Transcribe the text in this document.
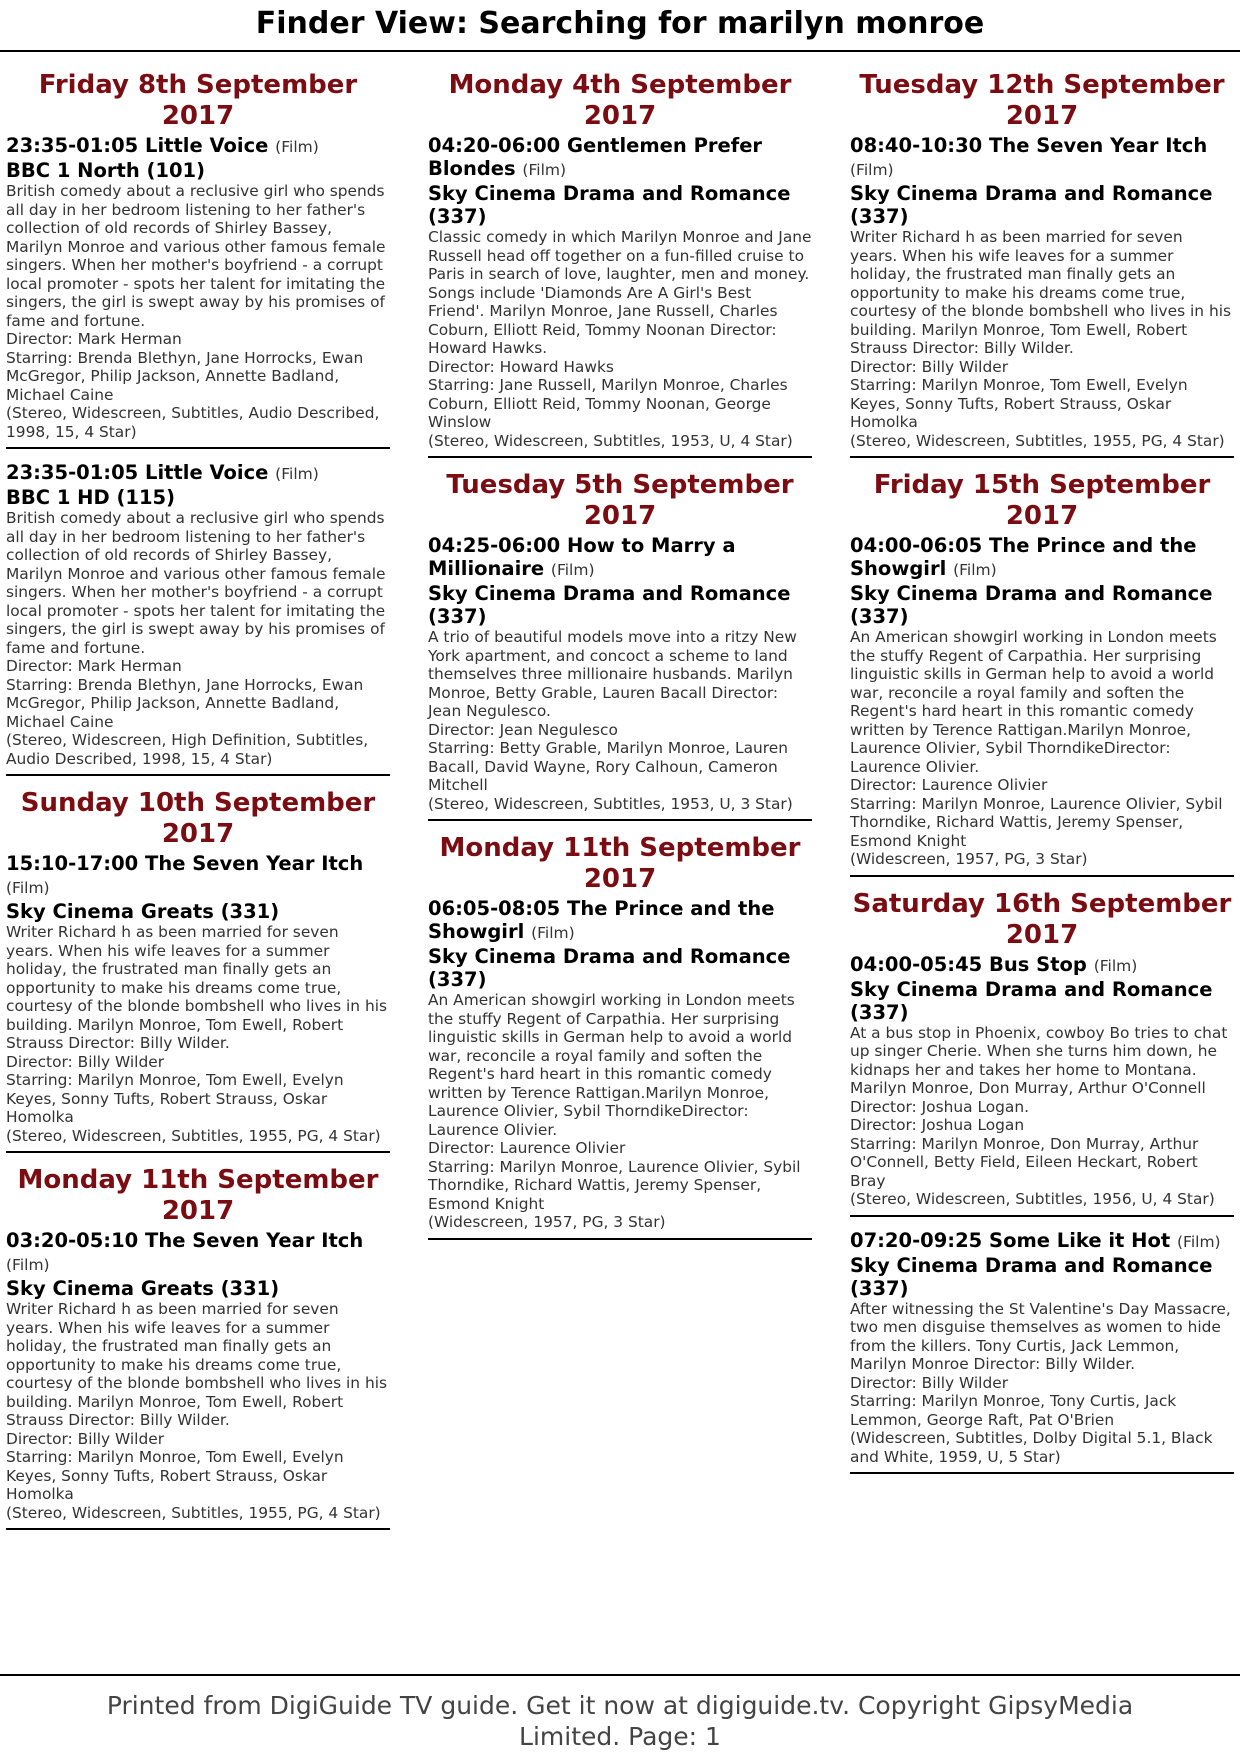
Finder View: Searching for marilyn monroe
Friday 8th September 2017
23:35-01:05 Little Voice (Film)
BBC 1 North (101)
British comedy about a reclusive girl who spends all day in her bedroom listening to her father's collection of old records of Shirley Bassey, Marilyn Monroe and various other famous female singers. When her mother's boyfriend - a corrupt local promoter - spots her talent for imitating the singers, the girl is swept away by his promises of fame and fortune.
Director: Mark Herman
Starring: Brenda Blethyn, Jane Horrocks, Ewan McGregor, Philip Jackson, Annette Badland, Michael Caine
(Stereo, Widescreen, Subtitles, Audio Described, 1998, 15, 4 Star)
23:35-01:05 Little Voice (Film)
BBC 1 HD (115)
British comedy about a reclusive girl who spends all day in her bedroom listening to her father's collection of old records of Shirley Bassey, Marilyn Monroe and various other famous female singers. When her mother's boyfriend - a corrupt local promoter - spots her talent for imitating the singers, the girl is swept away by his promises of fame and fortune.
Director: Mark Herman
Starring: Brenda Blethyn, Jane Horrocks, Ewan McGregor, Philip Jackson, Annette Badland, Michael Caine
(Stereo, Widescreen, High Definition, Subtitles, Audio Described, 1998, 15, 4 Star)
Sunday 10th September 2017
15:10-17:00 The Seven Year Itch (Film)
Sky Cinema Greats (331)
Writer Richard h as been married for seven years. When his wife leaves for a summer holiday, the frustrated man finally gets an opportunity to make his dreams come true, courtesy of the blonde bombshell who lives in his building. Marilyn Monroe, Tom Ewell, Robert Strauss Director: Billy Wilder.
Director: Billy Wilder
Starring: Marilyn Monroe, Tom Ewell, Evelyn Keyes, Sonny Tufts, Robert Strauss, Oskar Homolka
(Stereo, Widescreen, Subtitles, 1955, PG, 4 Star)
Monday 11th September 2017
03:20-05:10 The Seven Year Itch (Film)
Sky Cinema Greats (331)
Writer Richard h as been married for seven years. When his wife leaves for a summer holiday, the frustrated man finally gets an opportunity to make his dreams come true, courtesy of the blonde bombshell who lives in his building. Marilyn Monroe, Tom Ewell, Robert Strauss Director: Billy Wilder.
Director: Billy Wilder
Starring: Marilyn Monroe, Tom Ewell, Evelyn Keyes, Sonny Tufts, Robert Strauss, Oskar Homolka
(Stereo, Widescreen, Subtitles, 1955, PG, 4 Star)
Monday 4th September 2017
04:20-06:00 Gentlemen Prefer Blondes (Film)
Sky Cinema Drama and Romance (337)
Classic comedy in which Marilyn Monroe and Jane Russell head off together on a fun-filled cruise to Paris in search of love, laughter, men and money. Songs include 'Diamonds Are A Girl's Best Friend'. Marilyn Monroe, Jane Russell, Charles Coburn, Elliott Reid, Tommy Noonan Director: Howard Hawks.
Director: Howard Hawks
Starring: Jane Russell, Marilyn Monroe, Charles Coburn, Elliott Reid, Tommy Noonan, George Winslow
(Stereo, Widescreen, Subtitles, 1953, U, 4 Star)
Tuesday 5th September 2017
04:25-06:00 How to Marry a Millionaire (Film)
Sky Cinema Drama and Romance (337)
A trio of beautiful models move into a ritzy New York apartment, and concoct a scheme to land themselves three millionaire husbands. Marilyn Monroe, Betty Grable, Lauren Bacall Director: Jean Negulesco.
Director: Jean Negulesco
Starring: Betty Grable, Marilyn Monroe, Lauren Bacall, David Wayne, Rory Calhoun, Cameron Mitchell
(Stereo, Widescreen, Subtitles, 1953, U, 3 Star)
Monday 11th September 2017
06:05-08:05 The Prince and the Showgirl (Film)
Sky Cinema Drama and Romance (337)
An American showgirl working in London meets the stuffy Regent of Carpathia. Her surprising linguistic skills in German help to avoid a world war, reconcile a royal family and soften the Regent's hard heart in this romantic comedy written by Terence Rattigan.Marilyn Monroe, Laurence Olivier, Sybil ThorndikeDirector: Laurence Olivier.
Director: Laurence Olivier
Starring: Marilyn Monroe, Laurence Olivier, Sybil Thorndike, Richard Wattis, Jeremy Spenser, Esmond Knight
(Widescreen, 1957, PG, 3 Star)
Tuesday 12th September 2017
08:40-10:30 The Seven Year Itch (Film)
Sky Cinema Drama and Romance (337)
Writer Richard h as been married for seven years. When his wife leaves for a summer holiday, the frustrated man finally gets an opportunity to make his dreams come true, courtesy of the blonde bombshell who lives in his building. Marilyn Monroe, Tom Ewell, Robert Strauss Director: Billy Wilder.
Director: Billy Wilder
Starring: Marilyn Monroe, Tom Ewell, Evelyn Keyes, Sonny Tufts, Robert Strauss, Oskar Homolka
(Stereo, Widescreen, Subtitles, 1955, PG, 4 Star)
Friday 15th September 2017
04:00-06:05 The Prince and the Showgirl (Film)
Sky Cinema Drama and Romance (337)
An American showgirl working in London meets the stuffy Regent of Carpathia. Her surprising linguistic skills in German help to avoid a world war, reconcile a royal family and soften the Regent's hard heart in this romantic comedy written by Terence Rattigan.Marilyn Monroe, Laurence Olivier, Sybil ThorndikeDirector: Laurence Olivier.
Director: Laurence Olivier
Starring: Marilyn Monroe, Laurence Olivier, Sybil Thorndike, Richard Wattis, Jeremy Spenser, Esmond Knight
(Widescreen, 1957, PG, 3 Star)
Saturday 16th September 2017
04:00-05:45 Bus Stop (Film)
Sky Cinema Drama and Romance (337)
At a bus stop in Phoenix, cowboy Bo tries to chat up singer Cherie. When she turns him down, he kidnaps her and takes her home to Montana. Marilyn Monroe, Don Murray, Arthur O'Connell Director: Joshua Logan.
Director: Joshua Logan
Starring: Marilyn Monroe, Don Murray, Arthur O'Connell, Betty Field, Eileen Heckart, Robert Bray
(Stereo, Widescreen, Subtitles, 1956, U, 4 Star)
07:20-09:25 Some Like it Hot (Film)
Sky Cinema Drama and Romance (337)
After witnessing the St Valentine's Day Massacre, two men disguise themselves as women to hide from the killers. Tony Curtis, Jack Lemmon, Marilyn Monroe Director: Billy Wilder.
Director: Billy Wilder
Starring: Marilyn Monroe, Tony Curtis, Jack Lemmon, George Raft, Pat O'Brien
(Widescreen, Subtitles, Dolby Digital 5.1, Black and White, 1959, U, 5 Star)
Printed from DigiGuide TV guide. Get it now at digiguide.tv. Copyright GipsyMedia Limited. Page: 1
